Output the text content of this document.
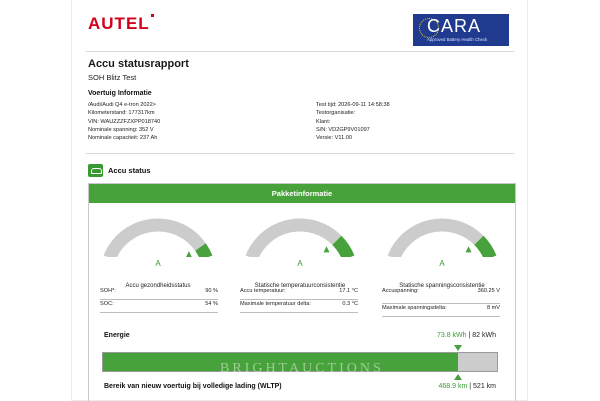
AUTEL	CARA
Approved Battery Health Check
Accu statusrapport
SOH Blitz Test
Voertuig Informatie
/Audi/Audi Q4 e-tron 2022>
Kilometerstand: 177317km
VIN: WAUZZZFZXPP018740
Nominale spanning: 352 V
Nominale capaciteit: 237 Ah
Test tijd: 2026-09-11 14:58:38
Testorganisatie:
Klant:
S/N: VD2GP9V01097
Versie: V11.00
Accu status
Pakketinformatie
A
Accu gezondheidsstatus
A
Statische temperatuurconsistentie
A
Statische spanningsconsistentie
SOH*:	90 %
SOC:	54 %
Accu temperatuur:	17.1 °C
Maximale temperatuur delta:	0.3 °C
Accuspanning:	360.25 V
Maximale spanningsdelta:	8 mV
Energie	73.8 kWh | 82 kWh
BRIGHTAUCTIONS
Bereik van nieuw voertuig bij volledige lading (WLTP)	468.9 km | 521 km
